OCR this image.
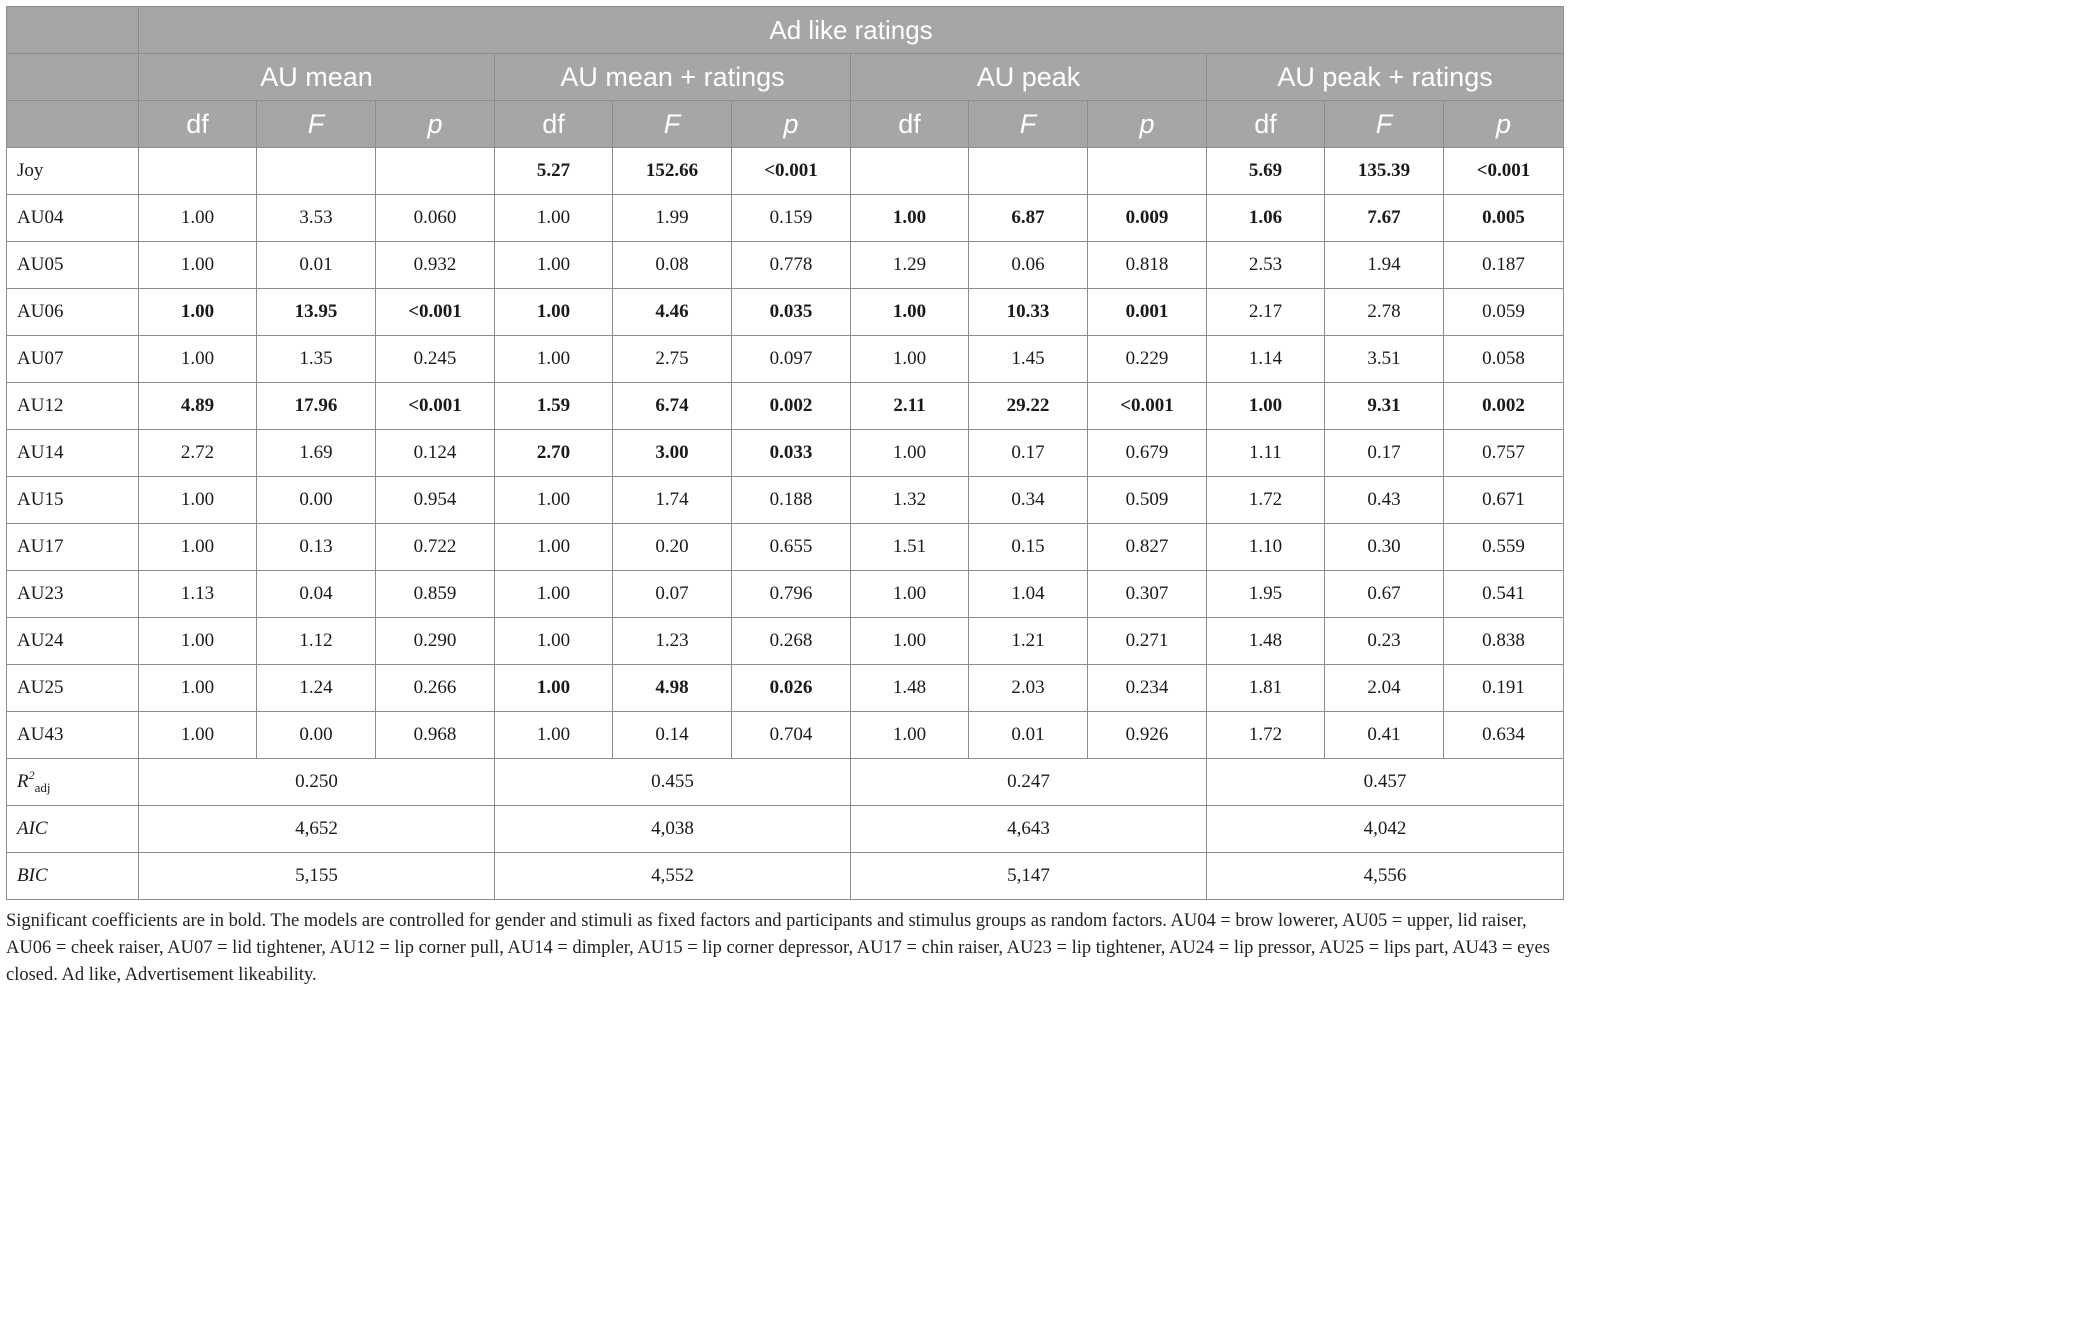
	Ad like ratings											
	AU mean			AU mean + ratings			AU peak			AU peak + ratings		
	df	F	p	df	F	p	df	F	p	df	F	p
Joy				5.27	152.66	<0.001				5.69	135.39	<0.001
AU04	1.00	3.53	0.060	1.00	1.99	0.159	1.00	6.87	0.009	1.06	7.67	0.005
AU05	1.00	0.01	0.932	1.00	0.08	0.778	1.29	0.06	0.818	2.53	1.94	0.187
AU06	1.00	13.95	<0.001	1.00	4.46	0.035	1.00	10.33	0.001	2.17	2.78	0.059
AU07	1.00	1.35	0.245	1.00	2.75	0.097	1.00	1.45	0.229	1.14	3.51	0.058
AU12	4.89	17.96	<0.001	1.59	6.74	0.002	2.11	29.22	<0.001	1.00	9.31	0.002
AU14	2.72	1.69	0.124	2.70	3.00	0.033	1.00	0.17	0.679	1.11	0.17	0.757
AU15	1.00	0.00	0.954	1.00	1.74	0.188	1.32	0.34	0.509	1.72	0.43	0.671
AU17	1.00	0.13	0.722	1.00	0.20	0.655	1.51	0.15	0.827	1.10	0.30	0.559
AU23	1.13	0.04	0.859	1.00	0.07	0.796	1.00	1.04	0.307	1.95	0.67	0.541
AU24	1.00	1.12	0.290	1.00	1.23	0.268	1.00	1.21	0.271	1.48	0.23	0.838
AU25	1.00	1.24	0.266	1.00	4.98	0.026	1.48	2.03	0.234	1.81	2.04	0.191
AU43	1.00	0.00	0.968	1.00	0.14	0.704	1.00	0.01	0.926	1.72	0.41	0.634
$R^2_{adj}$	0.250			0.455			0.247			0.457		
AIC	4,652			4,038			4,643			4,042		
BIC	5,155			4,552			5,147			4,556		
Significant coefficients are in bold. The models are controlled for gender and stimuli as fixed factors and participants and stimulus groups as random factors. AU04 = brow lowerer, AU05 = upper, lid raiser, AU06 = cheek raiser, AU07 = lid tightener, AU12 = lip corner pull, AU14 = dimpler, AU15 = lip corner depressor, AU17 = chin raiser, AU23 = lip tightener, AU24 = lip pressor, AU25 = lips part, AU43 = eyes closed. Ad like, Advertisement likeability.
